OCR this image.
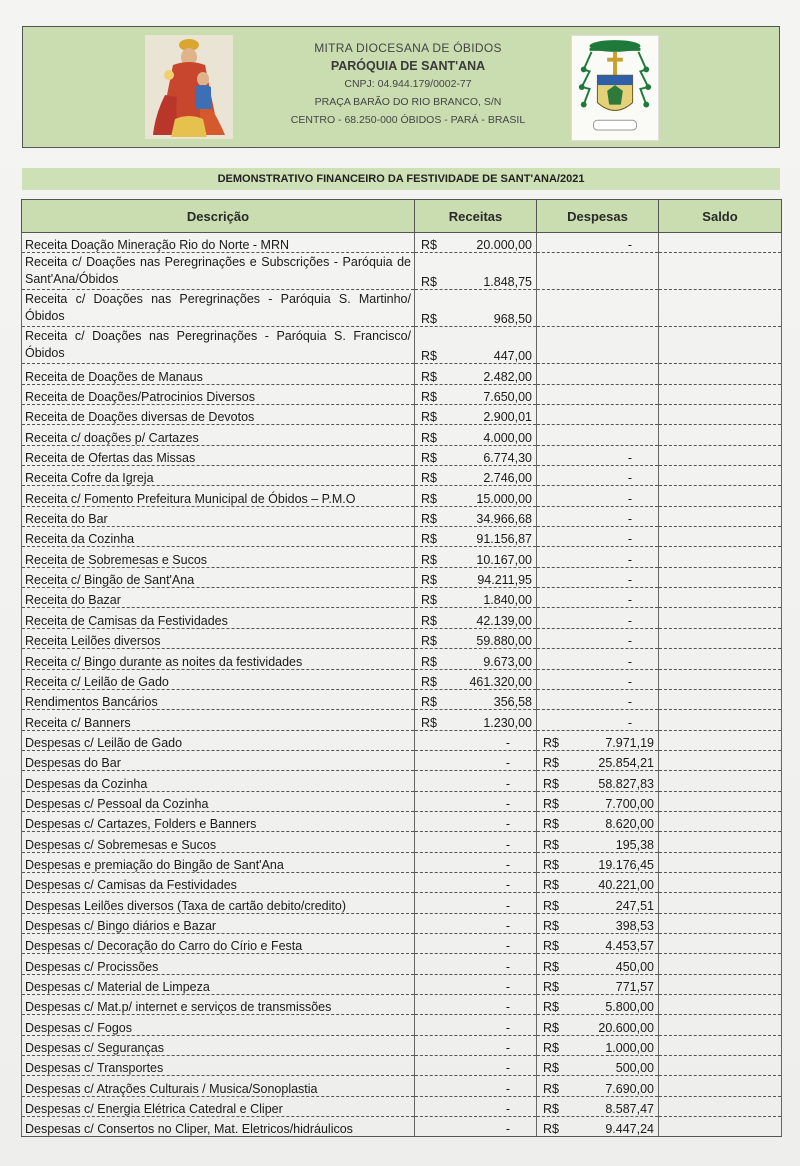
MITRA DIOCESANA DE ÓBIDOS
PARÓQUIA DE SANT'ANA
CNPJ: 04.944.179/0002-77
PRAÇA BARÃO DO RIO BRANCO, S/N
CENTRO - 68.250-000 ÓBIDOS - PARÁ - BRASIL
DEMONSTRATIVO FINANCEIRO DA FESTIVIDADE DE SANT'ANA/2021
Descrição	Receitas	Despesas	Saldo
Receita Doação Mineração Rio do Norte - MRN	R$ 20.000,00	-	
Receita c/ Doações nas Peregrinações e Subscrições - Paróquia de Sant'Ana/Óbidos	R$ 1.848,75		

Receita c/ Doações nas Peregrinações - Paróquia S. Martinho/Óbidos	R$ 968,50		

Receita c/ Doações nas Peregrinações - Paróquia S. Francisco/Óbidos	R$ 447,00		

Receita de Doações de Manaus	R$ 2.482,00		

Receita de Doações/Patrocinios Diversos	R$ 7.650,00		

Receita de Doações diversas de Devotos	R$ 2.900,01		

Receita c/ doações p/ Cartazes	R$ 4.000,00		

Receita de Ofertas das Missas	R$ 6.774,30	-	
Receita Cofre da Igreja	R$ 2.746,00	-	
Receita c/ Fomento Prefeitura Municipal de Óbidos – P.M.O	R$ 15.000,00	-	
Receita do Bar	R$ 34.966,68	-	
Receita da Cozinha	R$ 91.156,87	-	
Receita de Sobremesas e Sucos	R$ 10.167,00	-	
Receita c/ Bingão de Sant'Ana	R$ 94.211,95	-	
Receita do Bazar	R$ 1.840,00	-	
Receita de Camisas da Festividades	R$ 42.139,00	-	
Receita Leilões diversos	R$ 59.880,00	-	
Receita c/ Bingo durante as noites da festividades	R$ 9.673,00	-	
Receita c/ Leilão de Gado	R$ 461.320,00	-	
Rendimentos Bancários	R$ 356,58	-	
Receita c/ Banners	R$ 1.230,00	-	
Despesas c/ Leilão de Gado	-	R$ 7.971,19	

Despesas do Bar	-	R$ 25.854,21	

Despesas da Cozinha	-	R$ 58.827,83	

Despesas c/ Pessoal da Cozinha	-	R$ 7.700,00	

Despesas c/ Cartazes, Folders e Banners	-	R$ 8.620,00	

Despesas c/ Sobremesas e Sucos	-	R$ 195,38	

Despesas e premiação do Bingão de Sant'Ana	-	R$ 19.176,45	

Despesas c/ Camisas da Festividades	-	R$ 40.221,00	

Despesas Leilões diversos (Taxa de cartão debito/credito)	-	R$ 247,51	

Despesas c/ Bingo diários e Bazar	-	R$ 398,53	

Despesas c/ Decoração do Carro do Círio e Festa	-	R$ 4.453,57	

Despesas c/ Procissões	-	R$ 450,00	

Despesas c/ Material de Limpeza	-	R$ 771,57	

Despesas c/ Mat.p/ internet e serviços de transmissões	-	R$ 5.800,00	

Despesas c/ Fogos	-	R$ 20.600,00	

Despesas c/ Seguranças	-	R$ 1.000,00	

Despesas c/ Transportes	-	R$ 500,00	

Despesas c/ Atrações Culturais / Musica/Sonoplastia	-	R$ 7.690,00	

Despesas c/ Energia Elétrica Catedral e Cliper	-	R$ 8.587,47	

Despesas c/ Consertos no Cliper, Mat. Eletricos/hidráulicos	-	R$ 9.447,24	
